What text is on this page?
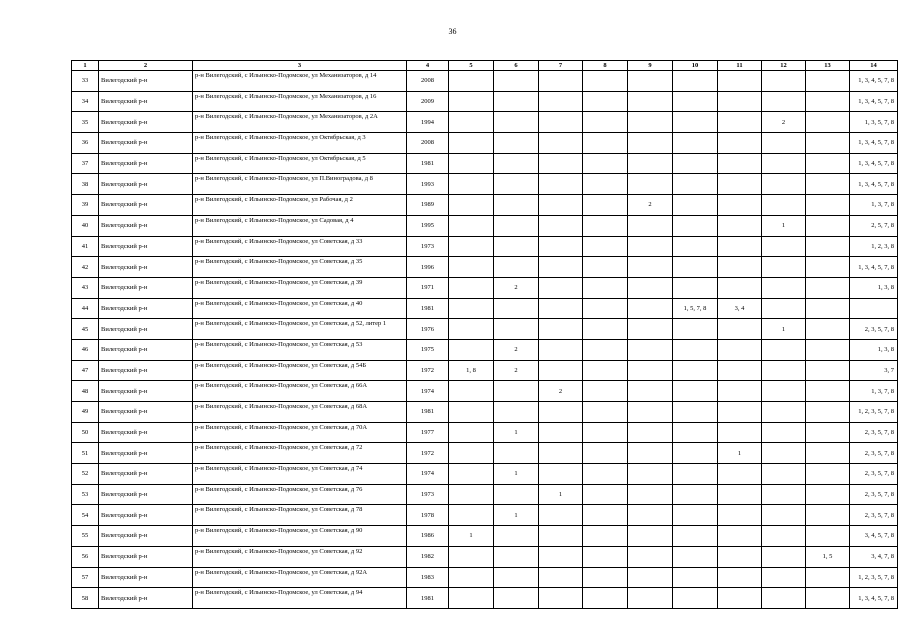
36
1	2	3	4	5	6	7	8	9	10	11	12	13	14
33	Вилегодский р-н	р-н Вилегодский, с Ильинско-Подомское, ул Механизаторов, д 14	2008										1, 3, 4, 5, 7, 8
34	Вилегодский р-н	р-н Вилегодский, с Ильинско-Подомское, ул Механизаторов, д 16	2009										1, 3, 4, 5, 7, 8
35	Вилегодский р-н	р-н Вилегодский, с Ильинско-Подомское, ул Механизаторов, д 2А	1994								2		1, 3, 5, 7, 8
36	Вилегодский р-н	р-н Вилегодский, с Ильинско-Подомское, ул Октябрьская, д 3	2008										1, 3, 4, 5, 7, 8
37	Вилегодский р-н	р-н Вилегодский, с Ильинско-Подомское, ул Октябрьская, д 5	1981										1, 3, 4, 5, 7, 8
38	Вилегодский р-н	р-н Вилегодский, с Ильинско-Подомское, ул П.Виноградова, д 8	1993										1, 3, 4, 5, 7, 8
39	Вилегодский р-н	р-н Вилегодский, с Ильинско-Подомское, ул Рабочая, д 2	1989					2					1, 3, 7, 8
40	Вилегодский р-н	р-н Вилегодский, с Ильинско-Подомское, ул Садовая, д 4	1995								1		2, 5, 7, 8
41	Вилегодский р-н	р-н Вилегодский, с Ильинско-Подомское, ул Советская, д 33	1973										1, 2, 3, 8
42	Вилегодский р-н	р-н Вилегодский, с Ильинско-Подомское, ул Советская, д 35	1996										1, 3, 4, 5, 7, 8
43	Вилегодский р-н	р-н Вилегодский, с Ильинско-Подомское, ул Советская, д 39	1971		2								1, 3, 8
44	Вилегодский р-н	р-н Вилегодский, с Ильинско-Подомское, ул Советская, д 40	1981						1, 5, 7, 8	3, 4			
45	Вилегодский р-н	р-н Вилегодский, с Ильинско-Подомское, ул Советская, д 52, литер 1	1976								1		2, 3, 5, 7, 8
46	Вилегодский р-н	р-н Вилегодский, с Ильинско-Подомское, ул Советская, д 53	1975		2								1, 3, 8
47	Вилегодский р-н	р-н Вилегодский, с Ильинско-Подомское, ул Советская, д 54Б	1972	1, 8	2								3, 7
48	Вилегодский р-н	р-н Вилегодский, с Ильинско-Подомское, ул Советская, д 66А	1974			2							1, 3, 7, 8
49	Вилегодский р-н	р-н Вилегодский, с Ильинско-Подомское, ул Советская, д 68А	1981										1, 2, 3, 5, 7, 8
50	Вилегодский р-н	р-н Вилегодский, с Ильинско-Подомское, ул Советская, д 70А	1977		1								2, 3, 5, 7, 8
51	Вилегодский р-н	р-н Вилегодский, с Ильинско-Подомское, ул Советская, д 72	1972							1			2, 3, 5, 7, 8
52	Вилегодский р-н	р-н Вилегодский, с Ильинско-Подомское, ул Советская, д 74	1974		1								2, 3, 5, 7, 8
53	Вилегодский р-н	р-н Вилегодский, с Ильинско-Подомское, ул Советская, д 76	1973			1							2, 3, 5, 7, 8
54	Вилегодский р-н	р-н Вилегодский, с Ильинско-Подомское, ул Советская, д 78	1978		1								2, 3, 5, 7, 8
55	Вилегодский р-н	р-н Вилегодский, с Ильинско-Подомское, ул Советская, д 90	1986	1									3, 4, 5, 7, 8
56	Вилегодский р-н	р-н Вилегодский, с Ильинско-Подомское, ул Советская, д 92	1982									1, 5	3, 4, 7, 8
57	Вилегодский р-н	р-н Вилегодский, с Ильинско-Подомское, ул Советская, д 92А	1983										1, 2, 3, 5, 7, 8
58	Вилегодский р-н	р-н Вилегодский, с Ильинско-Подомское, ул Советская, д 94	1981										1, 3, 4, 5, 7, 8
